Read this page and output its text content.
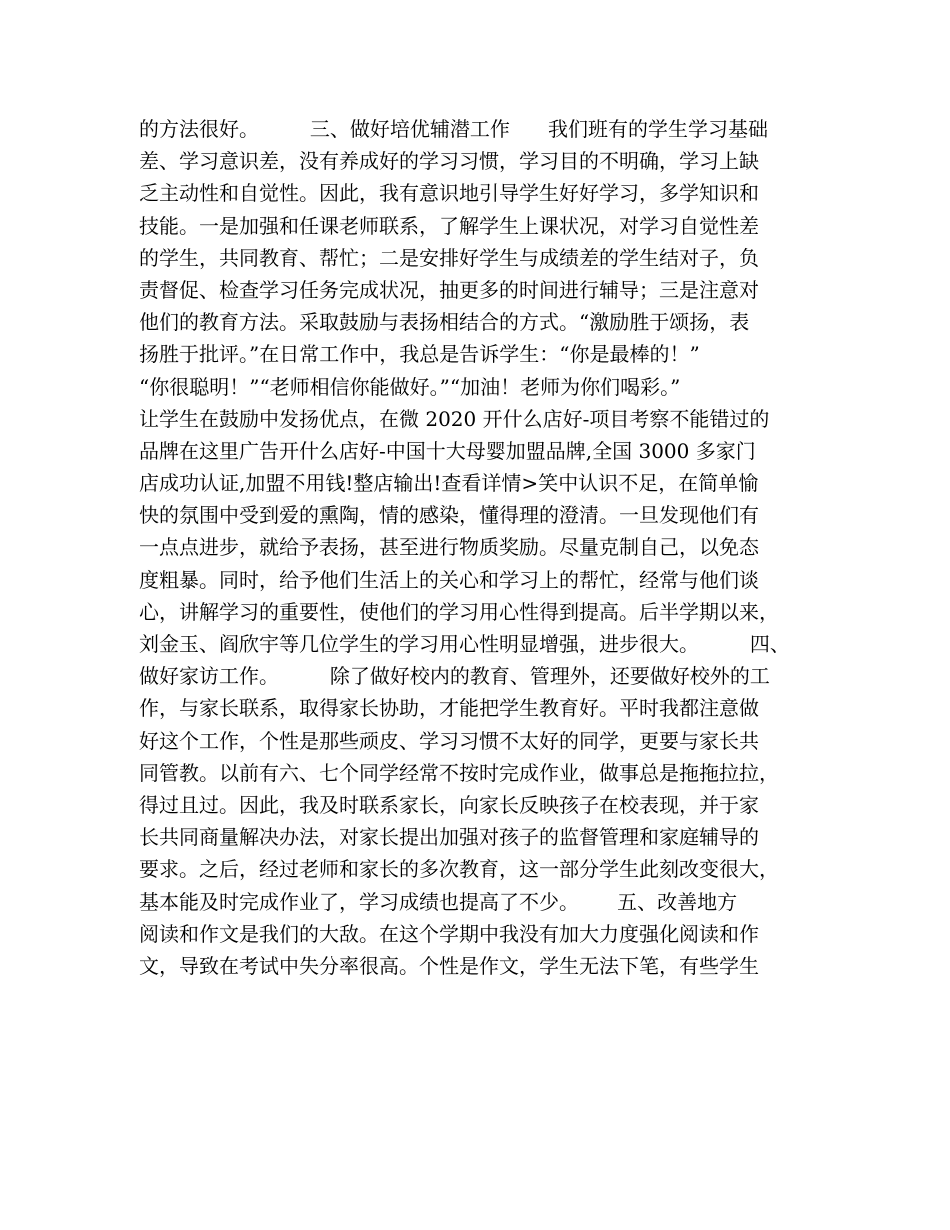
的方法很好。        三、做好培优辅潜工作      我们班有的学生学习基础
差、学习意识差，没有养成好的学习习惯，学习目的不明确，学习上缺
乏主动性和自觉性。因此，我有意识地引导学生好好学习，多学知识和
技能。一是加强和任课老师联系，了解学生上课状况，对学习自觉性差
的学生，共同教育、帮忙；二是安排好学生与成绩差的学生结对子，负
责督促、检查学习任务完成状况，抽更多的时间进行辅导；三是注意对
他们的教育方法。采取鼓励与表扬相结合的方式。“激励胜于颂扬，表
扬胜于批评。”在日常工作中，我总是告诉学生：“你是最棒的！”
“你很聪明！”“老师相信你能做好。”“加油！老师为你们喝彩。”
让学生在鼓励中发扬优点，在微 2020 开什么店好-项目考察不能错过的
品牌在这里广告开什么店好-中国十大母婴加盟品牌,全国 3000 多家门
店成功认证,加盟不用钱!整店输出!查看详情>笑中认识不足，在简单愉
快的氛围中受到爱的熏陶，情的感染，懂得理的澄清。一旦发现他们有
一点点进步，就给予表扬，甚至进行物质奖励。尽量克制自己，以免态
度粗暴。同时，给予他们生活上的关心和学习上的帮忙，经常与他们谈
心，讲解学习的重要性，使他们的学习用心性得到提高。后半学期以来，
刘金玉、阎欣宇等几位学生的学习用心性明显增强，进步很大。        四、
做好家访工作。        除了做好校内的教育、管理外，还要做好校外的工
作，与家长联系，取得家长协助，才能把学生教育好。平时我都注意做
好这个工作，个性是那些顽皮、学习习惯不太好的同学，更要与家长共
同管教。以前有六、七个同学经常不按时完成作业，做事总是拖拖拉拉，
得过且过。因此，我及时联系家长，向家长反映孩子在校表现，并于家
长共同商量解决办法，对家长提出加强对孩子的监督管理和家庭辅导的
要求。之后，经过老师和家长的多次教育，这一部分学生此刻改变很大，
基本能及时完成作业了，学习成绩也提高了不少。      五、改善地方
阅读和作文是我们的大敌。在这个学期中我没有加大力度强化阅读和作
文，导致在考试中失分率很高。个性是作文，学生无法下笔，有些学生
